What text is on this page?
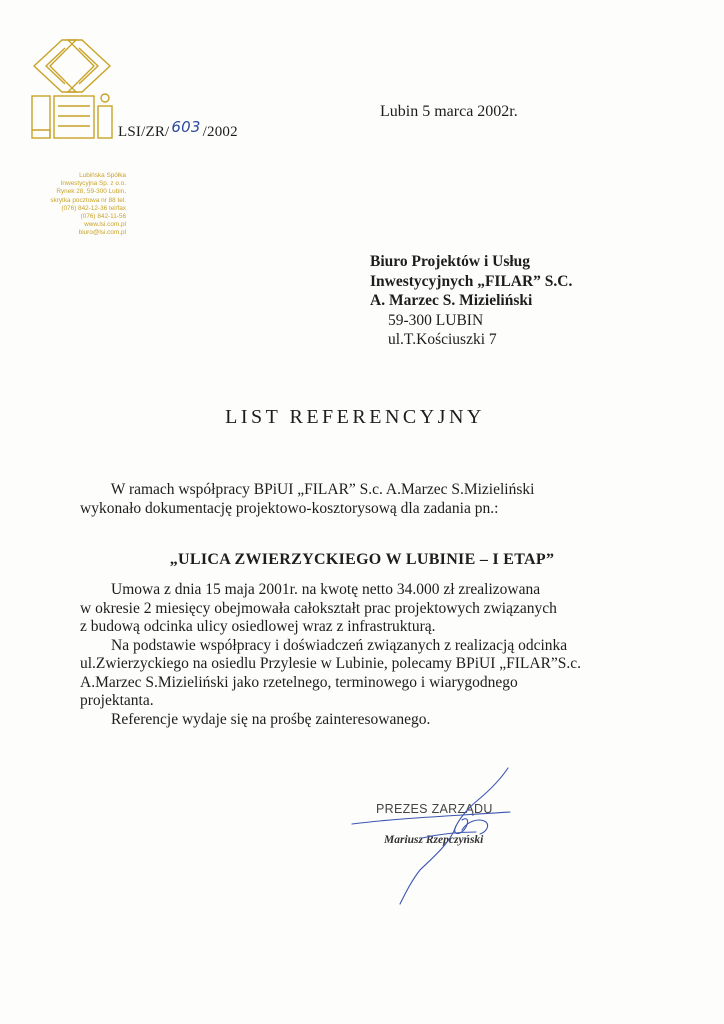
LSI/ZR/ 603 /2002
Lubin 5 marca 2002r.
Lubińska Spółka
Inwestycyjna Sp. z o.o.
Rynek 28, 59-300 Lubin,
skrytka pocztowa nr 88 tel.
(076) 842-12-36 tel/fax
(076) 842-11-56
www.lsi.com.pl
biuro@lsi.com.pl
Biuro Projektów i Usług
Inwestycyjnych „FILAR” S.C.
A. Marzec S. Mizieliński
59-300 LUBIN
ul.T.Kościuszki 7
LIST REFERENCYJNY
W ramach współpracy BPiUI „FILAR” S.c. A.Marzec S.Mizieliński
wykonało dokumentację projektowo-kosztorysową dla zadania pn.:
„ULICA ZWIERZYCKIEGO W LUBINIE – I ETAP”
Umowa z dnia 15 maja 2001r. na kwotę netto 34.000 zł zrealizowana
w okresie 2 miesięcy obejmowała całokształt prac projektowych związanych
z budową odcinka ulicy osiedlowej wraz z infrastrukturą.
Na podstawie współpracy i doświadczeń związanych z realizacją odcinka
ul.Zwierzyckiego na osiedlu Przylesie w Lubinie, polecamy BPiUI „FILAR”S.c.
A.Marzec S.Mizieliński jako rzetelnego, terminowego i wiarygodnego
projektanta.
Referencje wydaje się na prośbę zainteresowanego.
PREZES ZARZĄDU
Mariusz Rzepczyński
